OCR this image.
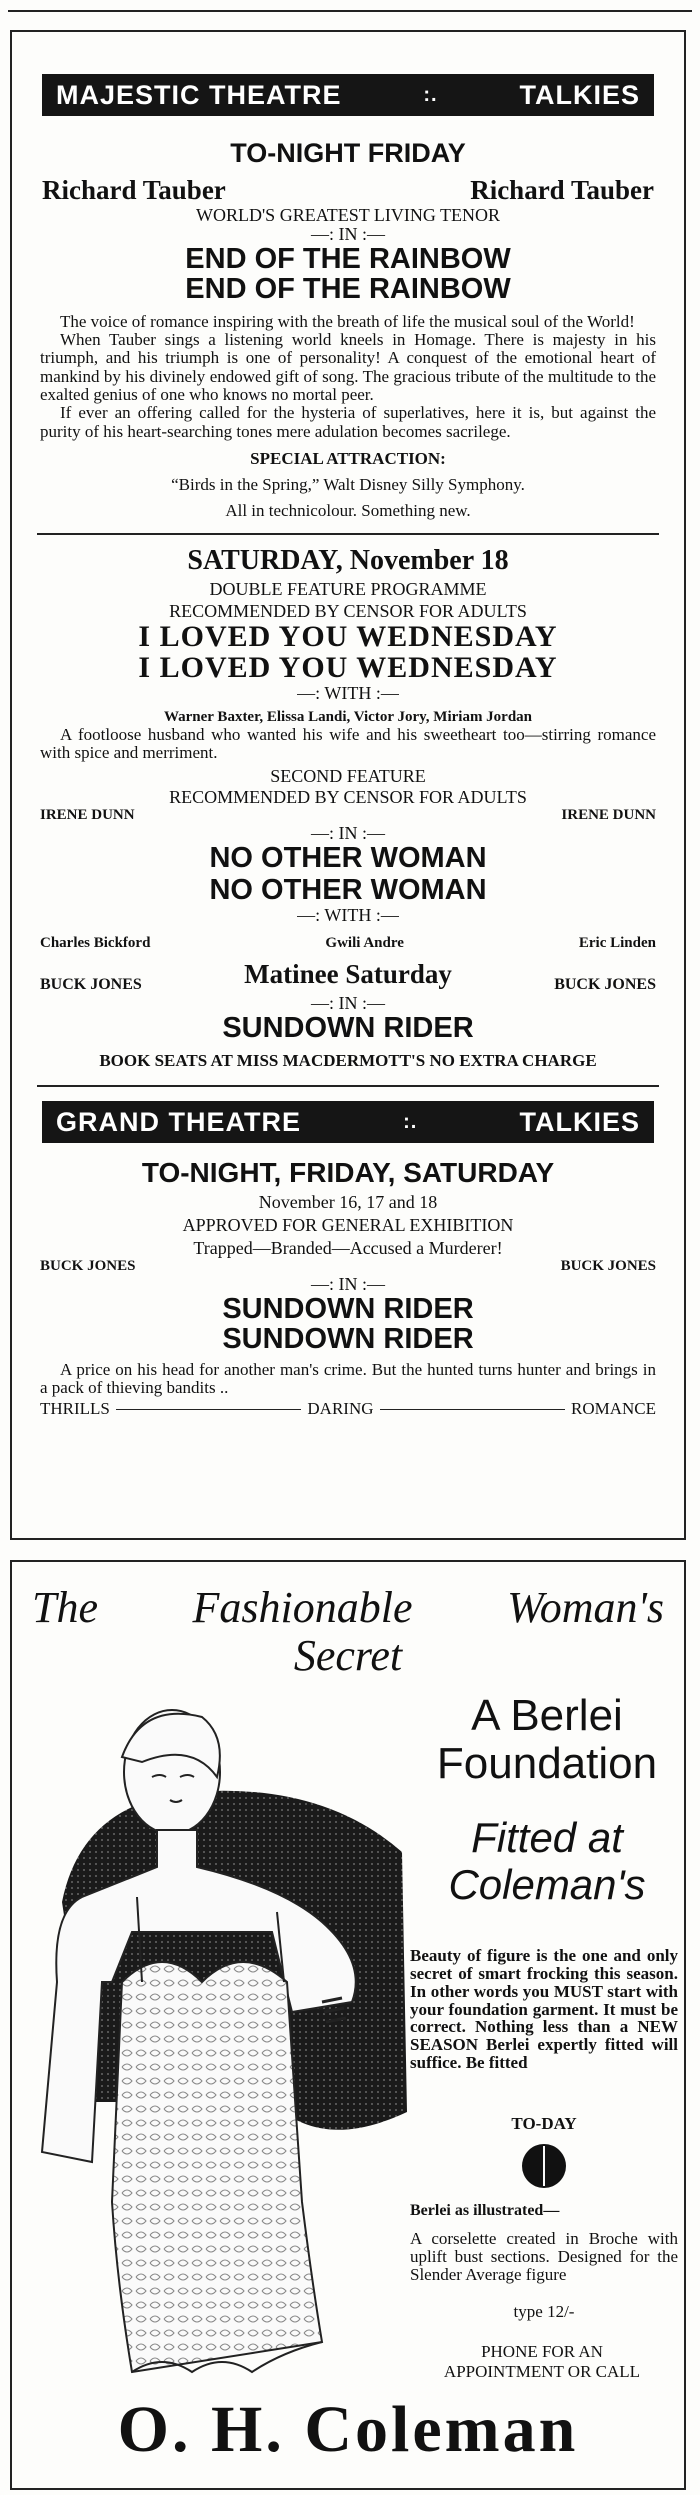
MAJESTIC THEATRE	:.	TALKIES
TO-NIGHT FRIDAY
Richard Tauber	Richard Tauber
WORLD'S GREATEST LIVING TENOR
—: IN :—
END OF THE RAINBOW
END OF THE RAINBOW
The voice of romance inspiring with the breath of life the musical soul of the World!
When Tauber sings a listening world kneels in Homage. There is majesty in his triumph, and his triumph is one of personality! A conquest of the emotional heart of mankind by his divinely endowed gift of song. The gracious tribute of the multitude to the exalted genius of one who knows no mortal peer.
If ever an offering called for the hysteria of superlatives, here it is, but against the purity of his heart-searching tones mere adulation becomes sacrilege.
SPECIAL ATTRACTION:
“Birds in the Spring,” Walt Disney Silly Symphony.
All in technicolour. Something new.
SATURDAY, November 18
DOUBLE FEATURE PROGRAMME
RECOMMENDED BY CENSOR FOR ADULTS
I LOVED YOU WEDNESDAY
I LOVED YOU WEDNESDAY
—: WITH :—
Warner Baxter, Elissa Landi, Victor Jory, Miriam Jordan
A footloose husband who wanted his wife and his sweetheart too—stirring romance with spice and merriment.
SECOND FEATURE
RECOMMENDED BY CENSOR FOR ADULTS
IRENE DUNN	IRENE DUNN
—: IN :—
NO OTHER WOMAN
NO OTHER WOMAN
—: WITH :—
Charles Bickford	Gwili Andre	Eric Linden
BUCK JONES	Matinee Saturday	BUCK JONES
—: IN :—
SUNDOWN RIDER
BOOK SEATS AT MISS MACDERMOTT'S NO EXTRA CHARGE
GRAND THEATRE	:.	TALKIES
TO-NIGHT, FRIDAY, SATURDAY
November 16, 17 and 18
APPROVED FOR GENERAL EXHIBITION
Trapped—Branded—Accused a Murderer!
BUCK JONES	BUCK JONES
—: IN :—
SUNDOWN RIDER
SUNDOWN RIDER
A price on his head for another man's crime. But the hunted turns hunter and brings in a pack of thieving bandits ..
THRILLS	DARING	ROMANCE
The Fashionable Woman's
Secret
A Berlei
Foundation
Fitted at
Coleman's
Beauty of figure is the one and only secret of smart frocking this season. In other words you MUST start with your foundation garment. It must be correct. Nothing less than a NEW SEASON Berlei expertly fitted will suffice. Be fitted
TO-DAY
Berlei as illustrated—
A corselette created in Broche with uplift bust sections. Designed for the Slender Average figure
type 12/-
PHONE FOR AN
APPOINTMENT OR CALL
O. H. Coleman
